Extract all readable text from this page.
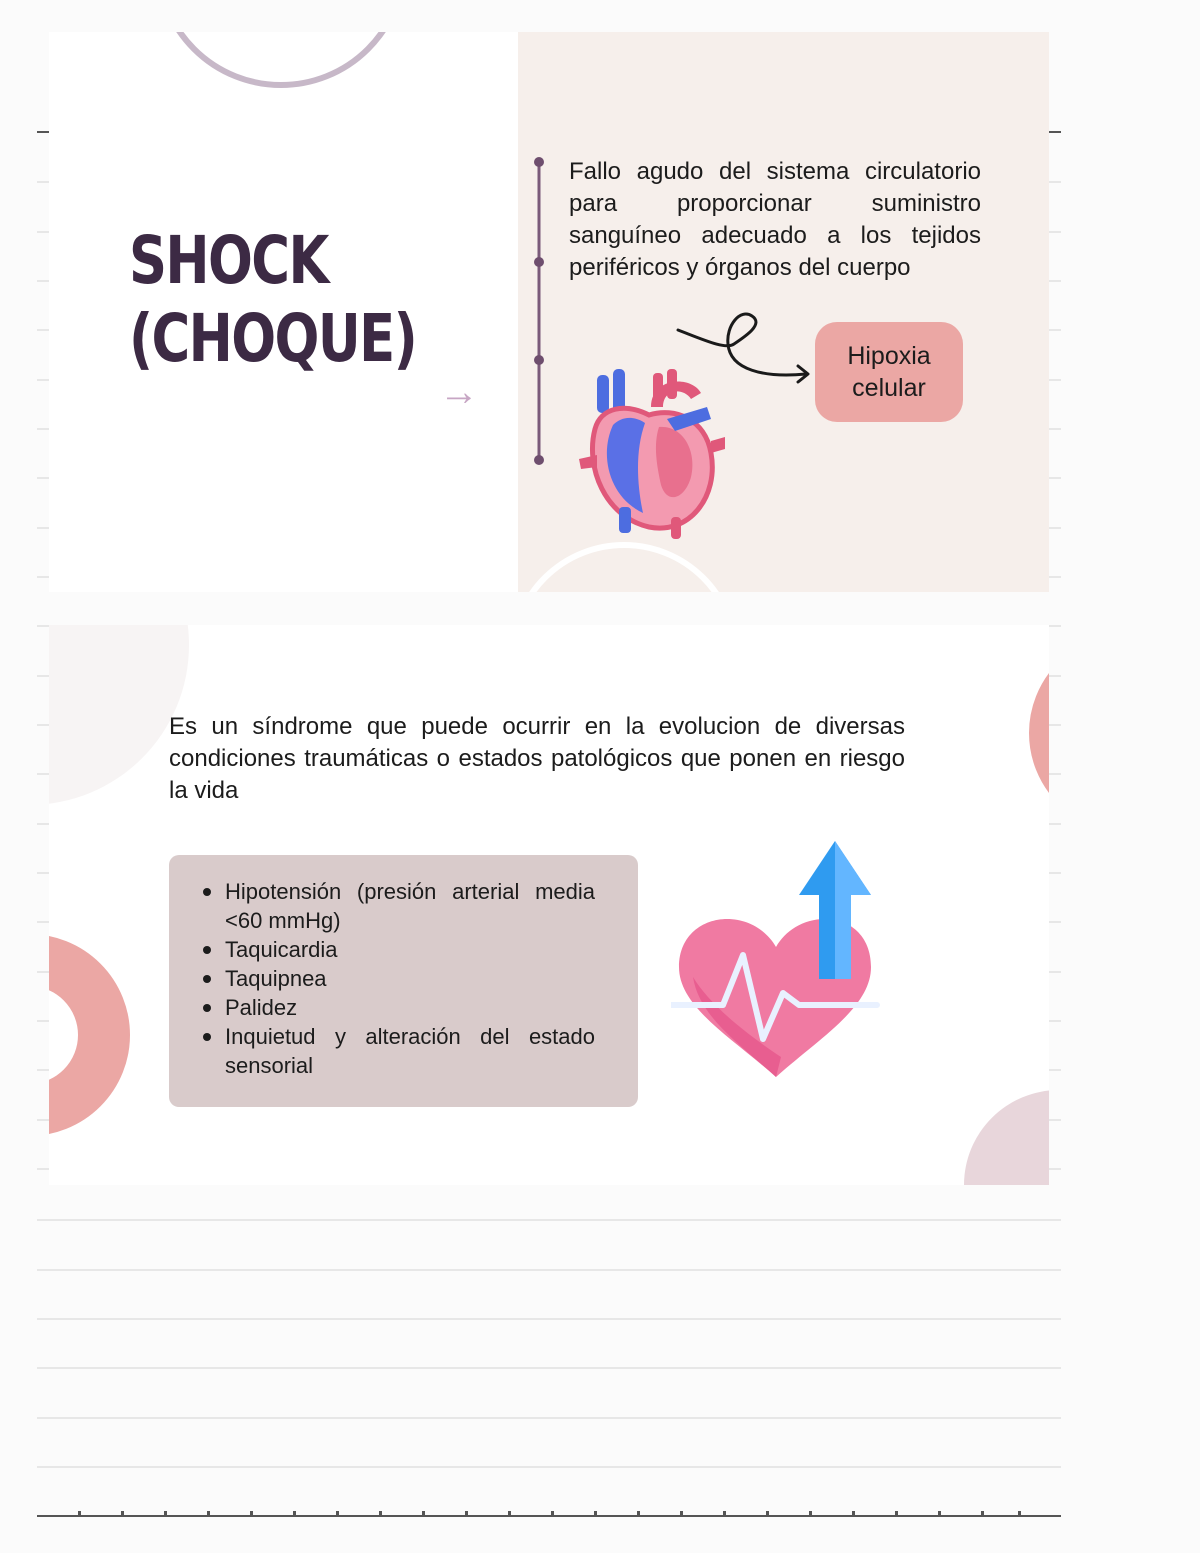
SHOCK
(CHOQUE)
→

Fallo agudo del sistema circulatorio para proporcionar suministro sanguíneo adecuado a los tejidos periféricos y órganos del cuerpo

Hipoxia celular

Es un síndrome que puede ocurrir en la evolucion de diversas condiciones traumáticas o estados patológicos que ponen en riesgo la vida

Hipotensión (presión arterial media <60 mmHg)
Taquicardia
Taquipnea
Palidez
Inquietud y alteración del estado sensorial
